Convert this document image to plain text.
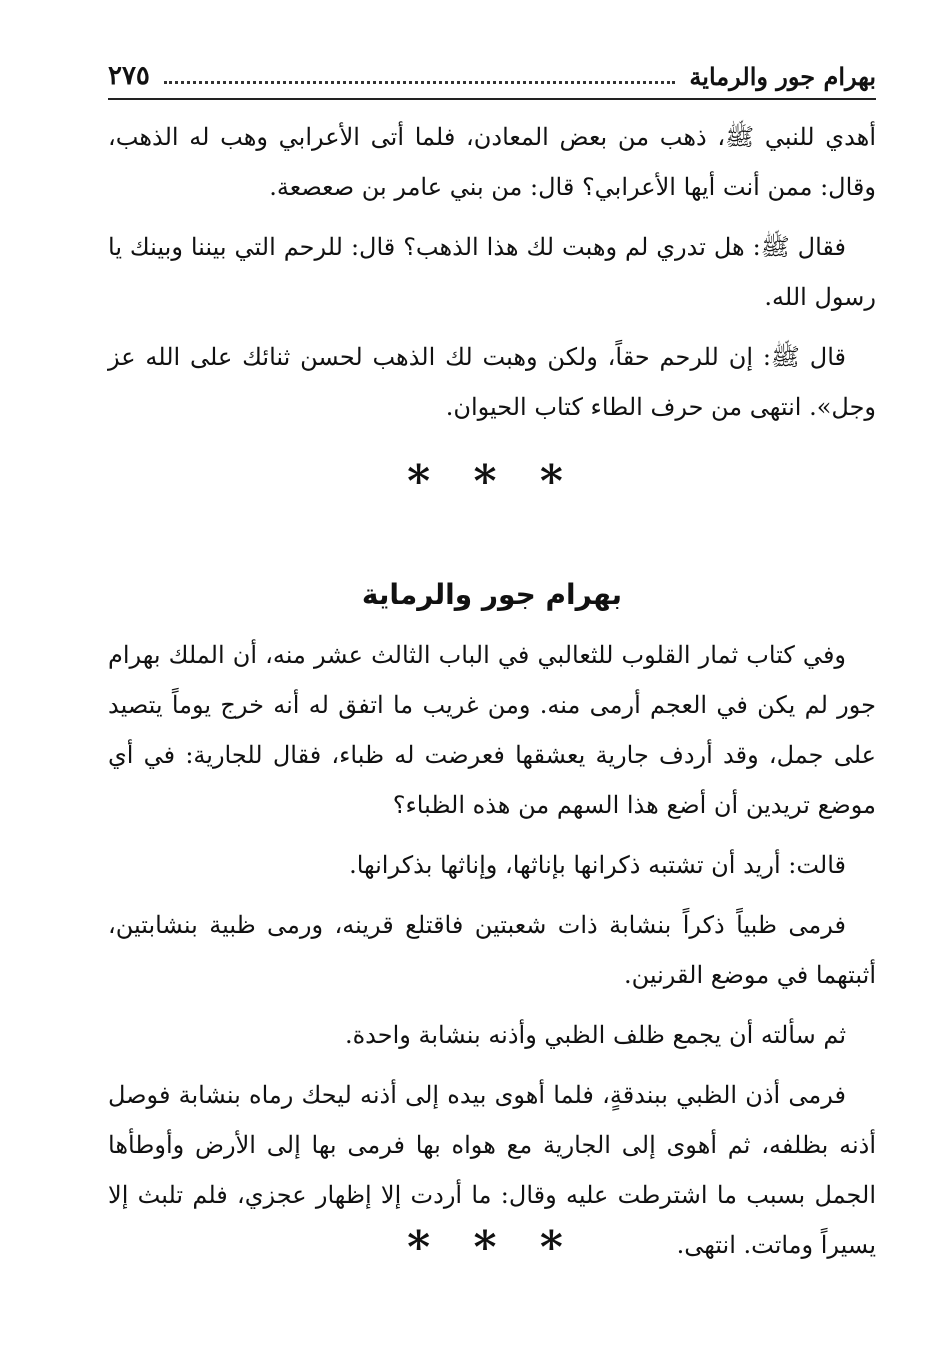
بهرام جور والرماية
٢٧٥

أهدي للنبي ﷺ، ذهب من بعض المعادن، فلما أتى الأعرابي وهب له الذهب، وقال: ممن أنت أيها الأعرابي؟ قال: من بني عامر بن صعصعة.

فقال ﷺ: هل تدري لم وهبت لك هذا الذهب؟ قال: للرحم التي بيننا وبينك يا رسول الله.

قال ﷺ: إن للرحم حقاً، ولكن وهبت لك الذهب لحسن ثنائك على الله عز وجل». انتهى من حرف الطاء كتاب الحيوان.

* * *
بهرام جور والرماية

وفي كتاب ثمار القلوب للثعالبي في الباب الثالث عشر منه، أن الملك بهرام جور لم يكن في العجم أرمى منه. ومن غريب ما اتفق له أنه خرج يوماً يتصيد على جمل، وقد أردف جارية يعشقها فعرضت له ظباء، فقال للجارية: في أي موضع تريدين أن أضع هذا السهم من هذه الظباء؟

قالت: أريد أن تشتبه ذكرانها بإناثها، وإناثها بذكرانها.

فرمى ظبياً ذكراً بنشابة ذات شعبتين فاقتلع قرينه، ورمى ظبية بنشابتين، أثبتهما في موضع القرنين.

ثم سألته أن يجمع ظلف الظبي وأذنه بنشابة واحدة.

فرمى أذن الظبي ببندقةٍ، فلما أهوى بيده إلى أذنه ليحك رماه بنشابة فوصل أذنه بظلفه، ثم أهوى إلى الجارية مع هواه بها فرمى بها إلى الأرض وأوطأها الجمل بسبب ما اشترطت عليه وقال: ما أردت إلا إظهار عجزي، فلم تلبث إلا يسيراً وماتت. انتهى.

* * *
